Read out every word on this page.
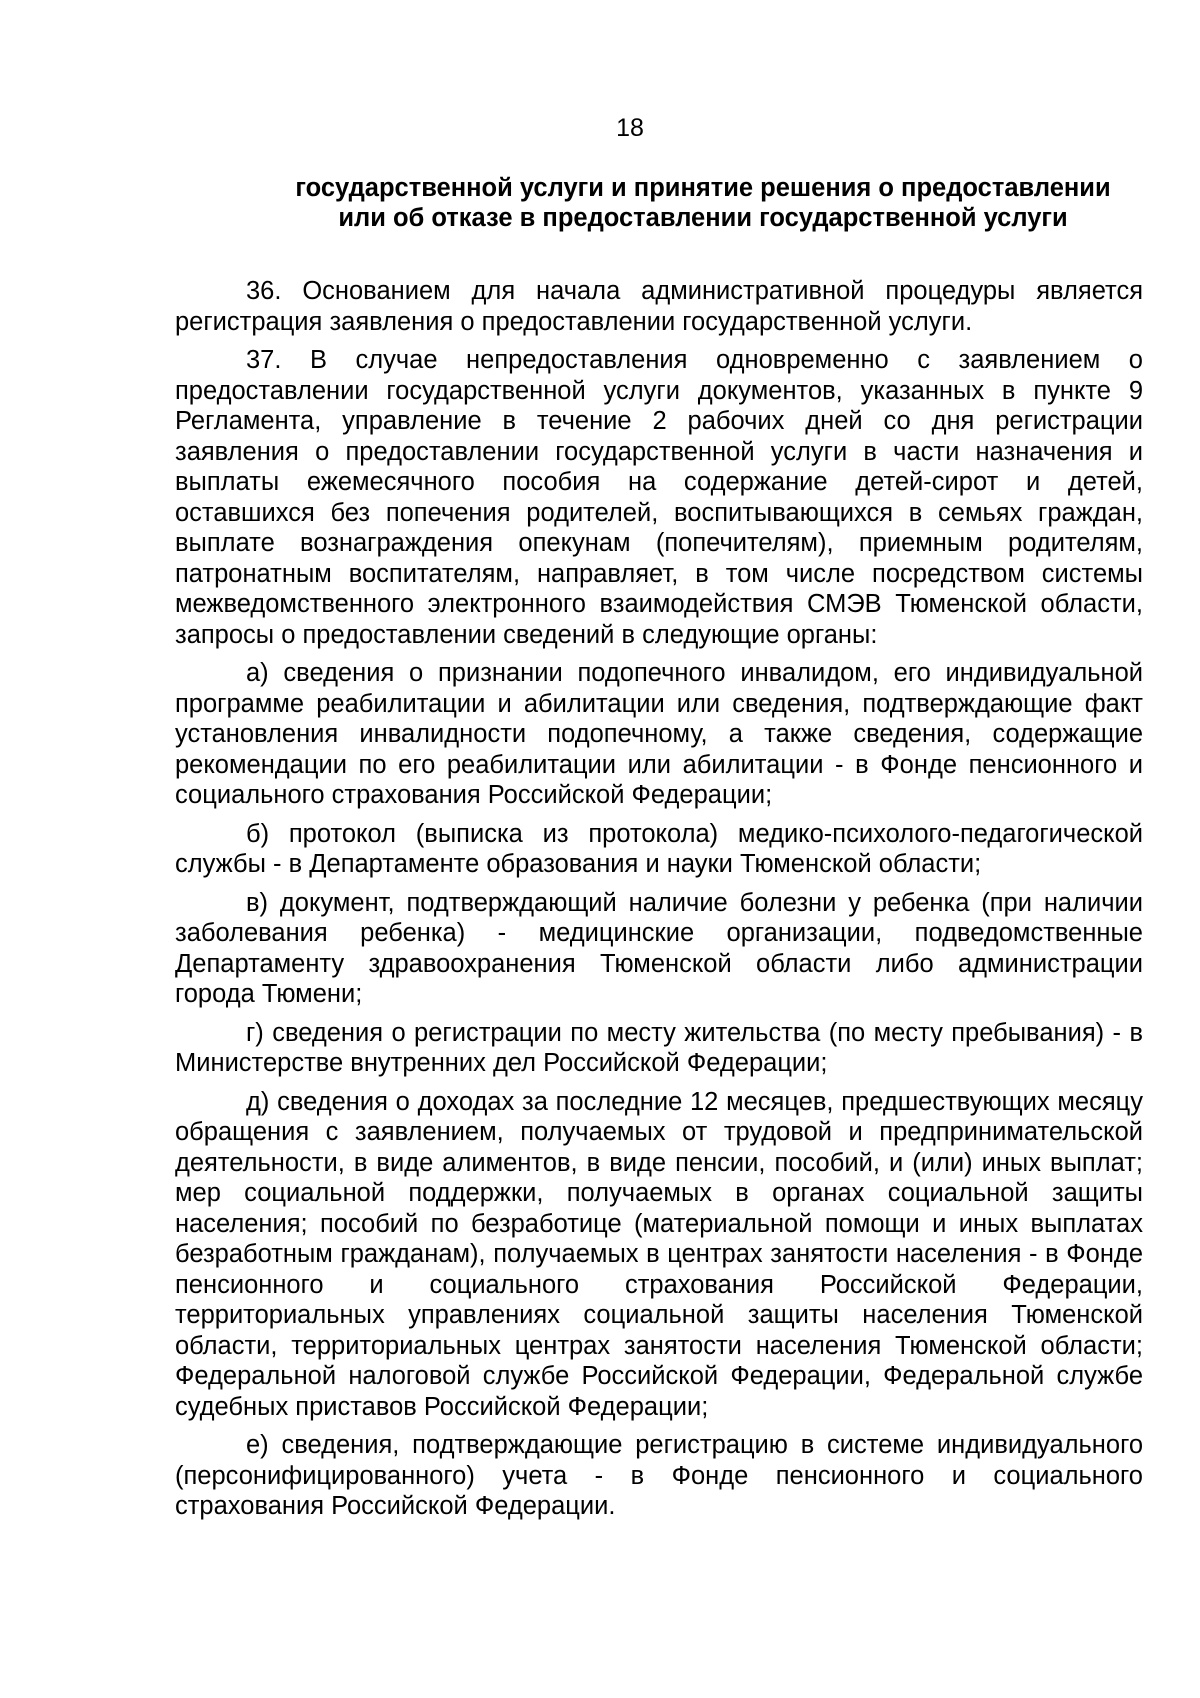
18
государственной услуги и принятие решения о предоставлении
или об отказе в предоставлении государственной услуги

36. Основанием для начала административной процедуры является регистрация заявления о предоставлении государственной услуги.

37. В случае непредоставления одновременно с заявлением о предоставлении государственной услуги документов, указанных в пункте 9 Регламента, управление в течение 2 рабочих дней со дня регистрации заявления о предоставлении государственной услуги в части назначения и выплаты ежемесячного пособия на содержание детей-сирот и детей, оставшихся без попечения родителей, воспитывающихся в семьях граждан, выплате вознаграждения опекунам (попечителям), приемным родителям, патронатным воспитателям, направляет, в том числе посредством системы межведомственного электронного взаимодействия СМЭВ Тюменской области, запросы о предоставлении сведений в следующие органы:

а) сведения о признании подопечного инвалидом, его индивидуальной программе реабилитации и абилитации или сведения, подтверждающие факт установления инвалидности подопечному, а также сведения, содержащие рекомендации по его реабилитации или абилитации - в Фонде пенсионного и социального страхования Российской Федерации;

б) протокол (выписка из протокола) медико-психолого-педагогической службы - в Департаменте образования и науки Тюменской области;

в) документ, подтверждающий наличие болезни у ребенка (при наличии заболевания ребенка) - медицинские организации, подведомственные Департаменту здравоохранения Тюменской области либо администрации города Тюмени;

г) сведения о регистрации по месту жительства (по месту пребывания) - в Министерстве внутренних дел Российской Федерации;

д) сведения о доходах за последние 12 месяцев, предшествующих месяцу обращения с заявлением, получаемых от трудовой и предпринимательской деятельности, в виде алиментов, в виде пенсии, пособий, и (или) иных выплат; мер социальной поддержки, получаемых в органах социальной защиты населения; пособий по безработице (материальной помощи и иных выплатах безработным гражданам), получаемых в центрах занятости населения - в Фонде пенсионного и социального страхования Российской Федерации, территориальных управлениях социальной защиты населения Тюменской области, территориальных центрах занятости населения Тюменской области; Федеральной налоговой службе Российской Федерации, Федеральной службе судебных приставов Российской Федерации;

е) сведения, подтверждающие регистрацию в системе индивидуального (персонифицированного) учета - в Фонде пенсионного и социального страхования Российской Федерации.
